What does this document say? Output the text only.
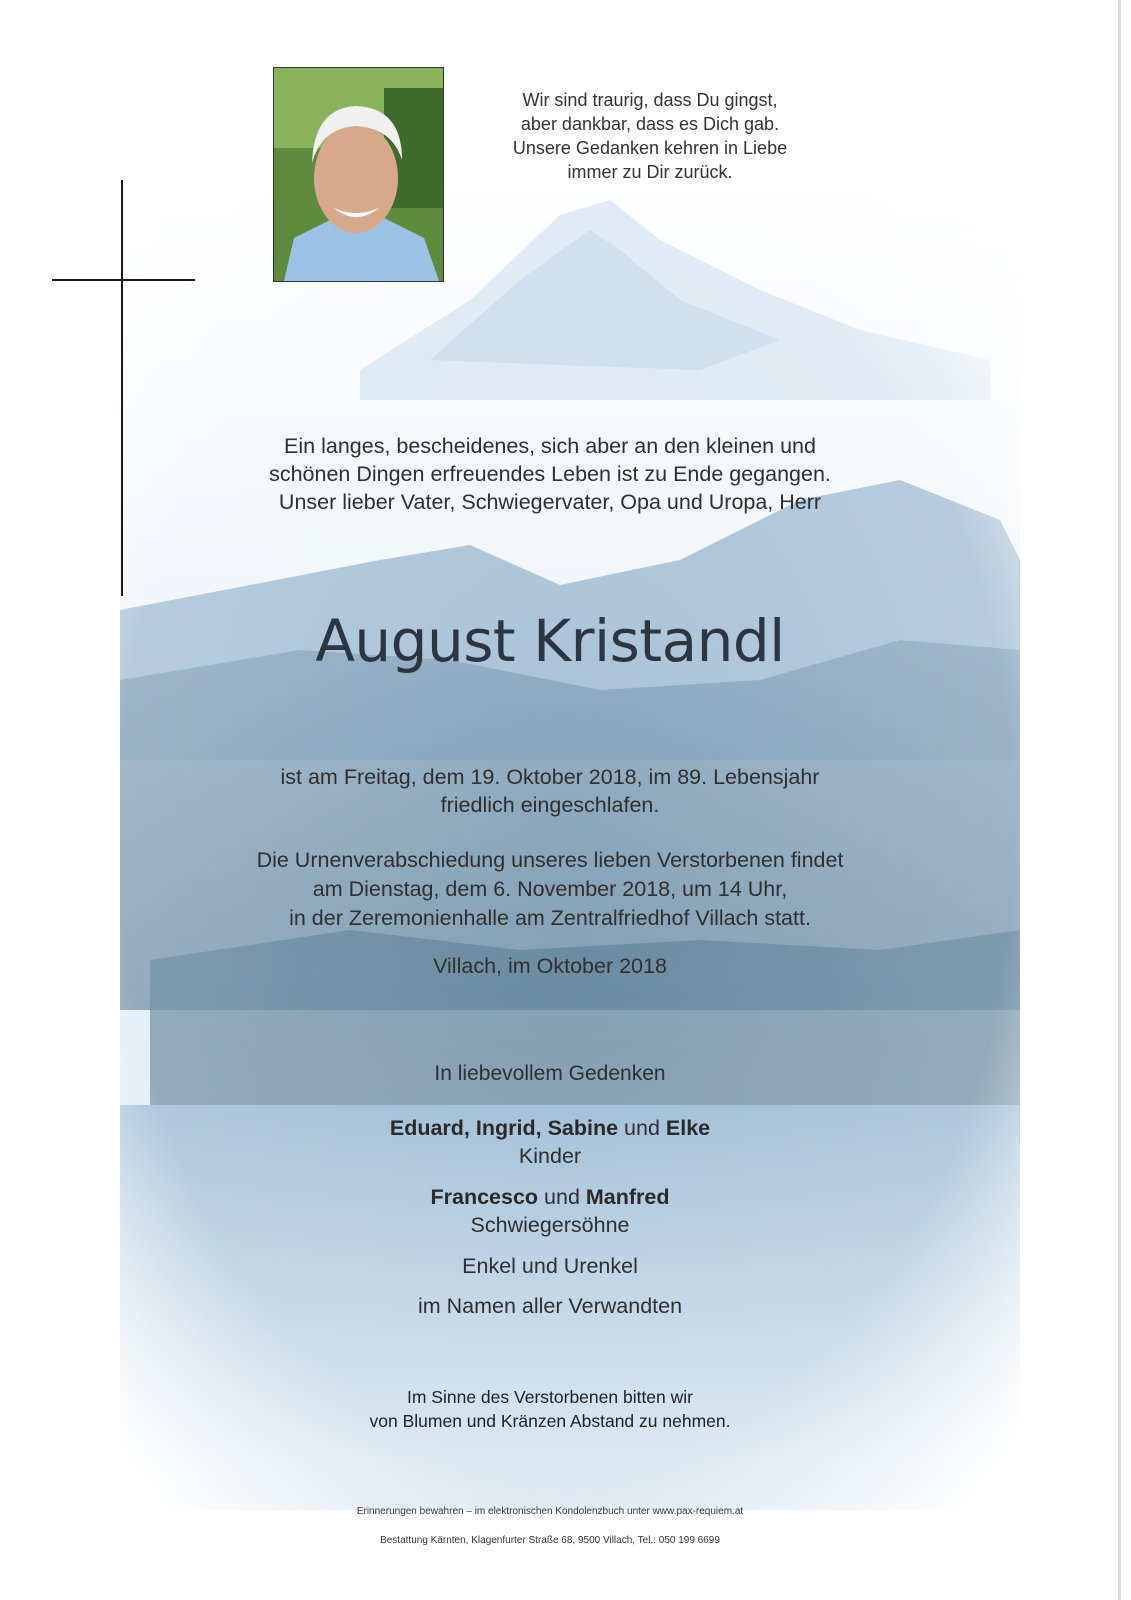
Wir sind traurig, dass Du gingst,
aber dankbar, dass es Dich gab.
Unsere Gedanken kehren in Liebe
immer zu Dir zurück.
Ein langes, bescheidenes, sich aber an den kleinen und
schönen Dingen erfreuendes Leben ist zu Ende gegangen.
Unser lieber Vater, Schwiegervater, Opa und Uropa, Herr
August Kristandl
ist am Freitag, dem 19. Oktober 2018, im 89. Lebensjahr
friedlich eingeschlafen.
Die Urnenverabschiedung unseres lieben Verstorbenen findet
am Dienstag, dem 6. November 2018, um 14 Uhr,
in der Zeremonienhalle am Zentralfriedhof Villach statt.
Villach, im Oktober 2018
In liebevollem Gedenken
Eduard, Ingrid, Sabine und Elke
Kinder
Francesco und Manfred
Schwiegersöhne
Enkel und Urenkel
im Namen aller Verwandten
Im Sinne des Verstorbenen bitten wir
von Blumen und Kränzen Abstand zu nehmen.
Erinnerungen bewahren – im elektronischen Kondolenzbuch unter www.pax-requiem.at
Bestattung Kärnten, Klagenfurter Straße 68, 9500 Villach, Tel.: 050 199 6699
